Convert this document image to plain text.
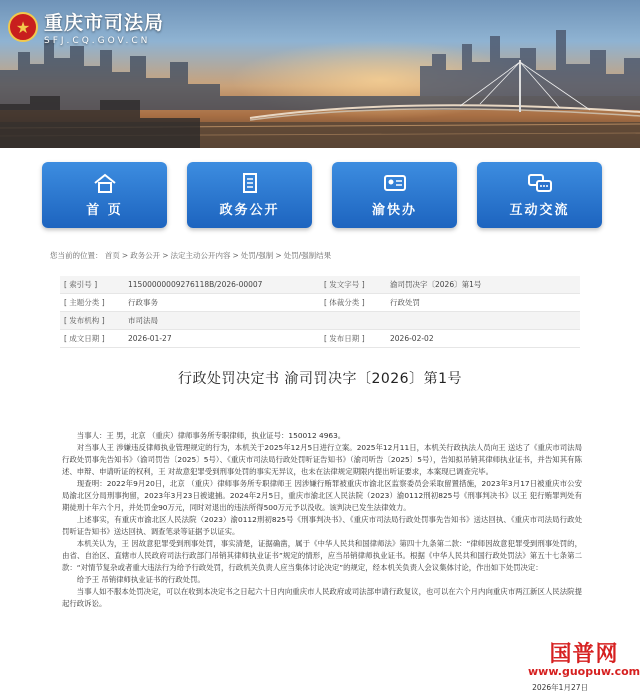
★ 重庆市司法局
SFJ.CQ.GOV.CN
首 页	政务公开	渝快办	互动交流
您当前的位置： 首页 > 政务公开 > 法定主动公开内容 > 处罚/强制 > 处罚/强制结果
[ 索引号 ]	11500000009276118B/2026-00007	[ 发文字号 ]	渝司罚决字〔2026〕第1号
[ 主题分类 ]	行政事务	[ 体裁分类 ]	行政处罚
[ 发布机构 ]	市司法局
[ 成文日期 ]	2026-01-27	[ 发布日期 ]	2026-02-02
行政处罚决定书 渝司罚决字〔2026〕第1号

当事人：王 男，北京 （重庆）律师事务所专职律师，执业证号：150012 4963。

对当事人王 涉嫌违反律师执业管理规定的行为，本机关于2025年12月5日进行立案。2025年12月11日，本机关行政执法人员向王 送达了《重庆市司法局行政处罚事先告知书》（渝司罚告〔2025〕5号）、《重庆市司法局行政处罚听证告知书》（渝司听告〔2025〕5号），告知拟吊销其律师执业证书，并告知其有陈述、申辩、申请听证的权利，王 对故意犯罪受到刑事处罚的事实无异议，也未在法律规定期限内提出听证要求，本案现已调查完毕。

现查明：2022年9月20日，北京 （重庆）律师事务所专职律师王 因涉嫌行贿罪被重庆市渝北区监察委员会采取留置措施，2023年3月17日被重庆市公安局渝北区分局刑事拘留，2023年3月23日被逮捕。2024年2月5日，重庆市渝北区人民法院（2023）渝0112刑初825号《刑事判决书》以王 犯行贿罪判处有期徒刑十年六个月，并处罚金90万元，同时对退出的违法所得500万元予以没收。该判决已发生法律效力。

上述事实，有重庆市渝北区人民法院（2023）渝0112刑初825号《刑事判决书》、《重庆市司法局行政处罚事先告知书》送达回执、《重庆市司法局行政处罚听证告知书》送达回执、调查笔录等证据予以证实。

本机关认为，王 因故意犯罪受到刑事处罚，事实清楚，证据确凿，属于《中华人民共和国律师法》第四十九条第二款：“律师因故意犯罪受到刑事处罚的，由省、自治区、直辖市人民政府司法行政部门吊销其律师执业证书”规定的情形，应当吊销律师执业证书。根据《中华人民共和国行政处罚法》第五十七条第二款：“对情节复杂或者重大违法行为给予行政处罚，行政机关负责人应当集体讨论决定”的规定，经本机关负责人会议集体讨论，作出如下处罚决定：

给予王 吊销律师执业证书的行政处罚。

当事人如不服本处罚决定，可以在收到本决定书之日起六十日内向重庆市人民政府或司法部申请行政复议，也可以在六个月内向重庆市两江新区人民法院提起行政诉讼。

2026年1月27日
国普网
www.guopuw.com
